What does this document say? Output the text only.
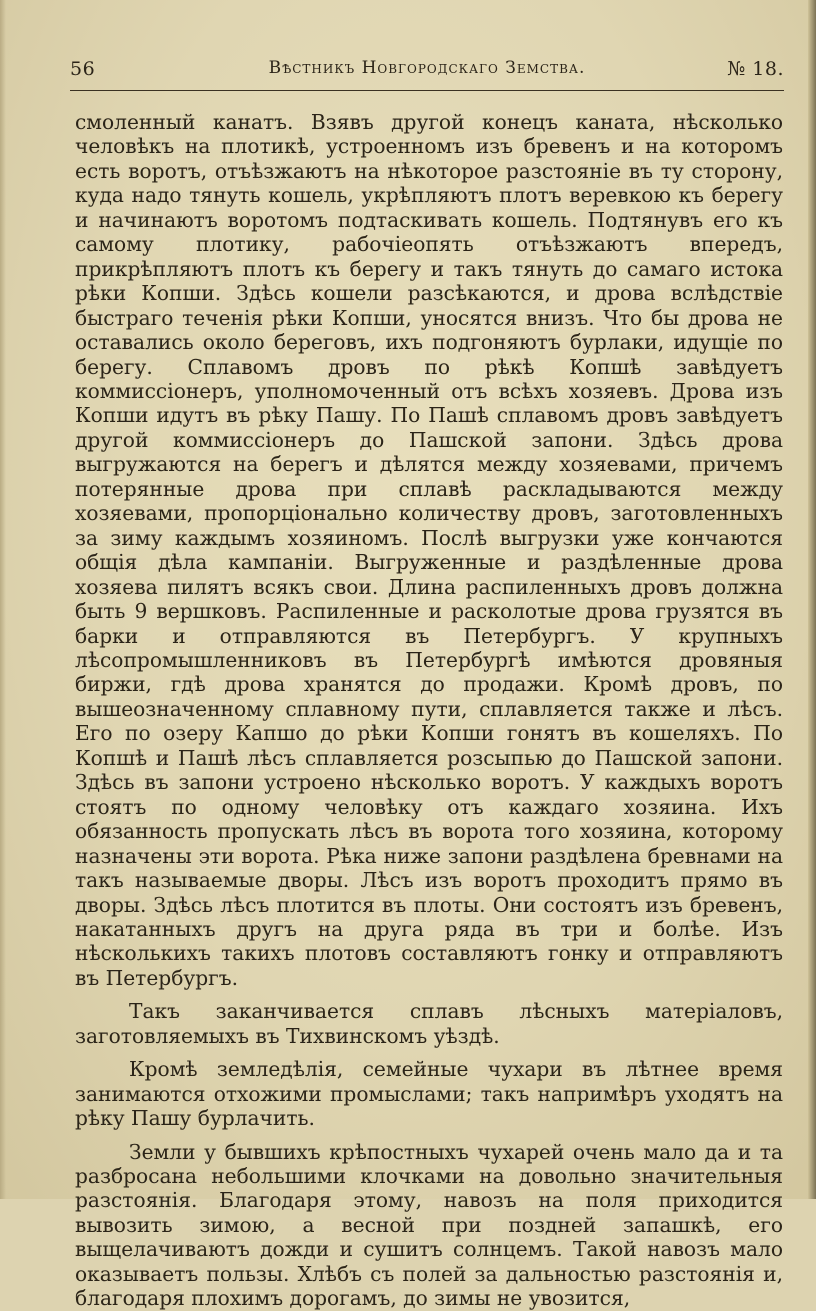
56	Вѣстникъ Новгородскаго Земства.	№ 18.

смоленный канатъ. Взявъ другой конецъ каната, нѣсколько человѣкъ на плотикѣ, устроенномъ изъ бревенъ и на которомъ есть воротъ, отъѣзжаютъ на нѣкоторое разстояніе въ ту сторону, куда надо тянуть кошель, укрѣпляютъ плотъ веревкою къ берегу и начинаютъ воротомъ подтаскивать кошель. Подтянувъ его къ самому плотику, рабочіеопять отъѣзжаютъ впередъ, прикрѣпляютъ плотъ къ берегу и такъ тянуть до самаго истока рѣки Копши. Здѣсь кошели разсѣкаются, и дрова вслѣдствіе быстраго теченія рѣки Копши, уносятся внизъ. Что бы дрова не оставались около береговъ, ихъ подгоняютъ бурлаки, идущіе по берегу. Сплавомъ дровъ по рѣкѣ Копшѣ завѣдуетъ коммиссіонеръ, уполномоченный отъ всѣхъ хозяевъ. Дрова изъ Копши идутъ въ рѣку Пашу. По Пашѣ сплавомъ дровъ завѣдуетъ другой коммиссіонеръ до Пашской запони. Здѣсь дрова выгружаются на берегъ и дѣлятся между хозяевами, причемъ потерянные дрова при сплавѣ раскладываются между хозяевами, пропорціонально количеству дровъ, заготовленныхъ за зиму каждымъ хозяиномъ. Послѣ выгрузки уже кончаются общія дѣла кампаніи. Выгруженные и раздѣленные дрова хозяева пилятъ всякъ свои. Длина распиленныхъ дровъ должна быть 9 вершковъ. Распиленные и расколотые дрова грузятся въ барки и отправляются въ Петербургъ. У крупныхъ лѣсопромышленниковъ въ Петербургѣ имѣются дровяныя биржи, гдѣ дрова хранятся до продажи. Кромѣ дровъ, по вышеозначенному сплавному пути, сплавляется также и лѣсъ. Его по озеру Капшо до рѣки Копши гонятъ въ кошеляхъ. По Копшѣ и Пашѣ лѣсъ сплавляется розсыпью до Пашской запони. Здѣсь въ запони устроено нѣсколько воротъ. У каждыхъ воротъ стоятъ по одному человѣку отъ каждаго хозяина. Ихъ обязанность пропускать лѣсъ въ ворота того хозяина, которому назначены эти ворота. Рѣка ниже запони раздѣлена бревнами на такъ называемые дворы. Лѣсъ изъ воротъ проходитъ прямо въ дворы. Здѣсь лѣсъ плотится въ плоты. Они состоятъ изъ бревенъ, накатанныхъ другъ на друга ряда въ три и болѣе. Изъ нѣсколькихъ такихъ плотовъ составляютъ гонку и отправляютъ въ Петербургъ.

Такъ заканчивается сплавъ лѣсныхъ матеріаловъ, заготовляемыхъ въ Тихвинскомъ уѣздѣ.

Кромѣ земледѣлія, семейные чухари въ лѣтнее время занимаются отхожими промыслами; такъ напримѣръ уходятъ на рѣку Пашу бурлачить.

Земли у бывшихъ крѣпостныхъ чухарей очень мало да и та разбросана небольшими клочками на довольно значительныя разстоянія. Благодаря этому, навозъ на поля приходится вывозить зимою, а весной при поздней запашкѣ, его выщелачиваютъ дожди и сушитъ солнцемъ. Такой навозъ мало оказываетъ пользы. Хлѣбъ съ полей за дальностью разстоянія и, благодаря плохимъ дорогамъ, до зимы не увозится,
